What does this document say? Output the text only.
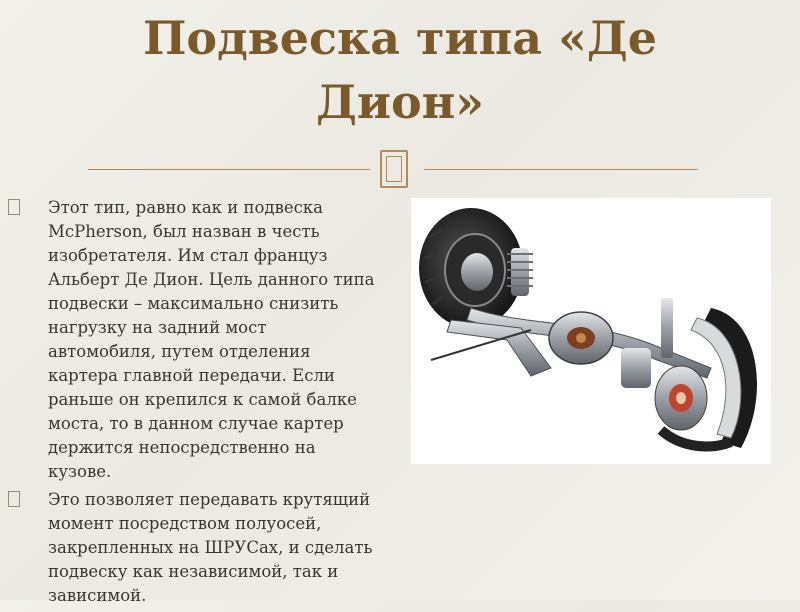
Подвеска типа «Де Дион»
Этот тип, равно как и подвеска McPherson, был назван в честь изобретателя. Им стал француз Альберт Де Дион. Цель данного типа подвески – максимально снизить нагрузку на задний мост автомобиля, путем отделения картера главной передачи. Если раньше он крепился к самой балке моста, то в данном случае картер держится непосредственно на кузове.
Это позволяет передавать крутящий момент посредством полуосей, закрепленных на ШРУСах, и сделать подвеску как независимой, так и зависимой.
